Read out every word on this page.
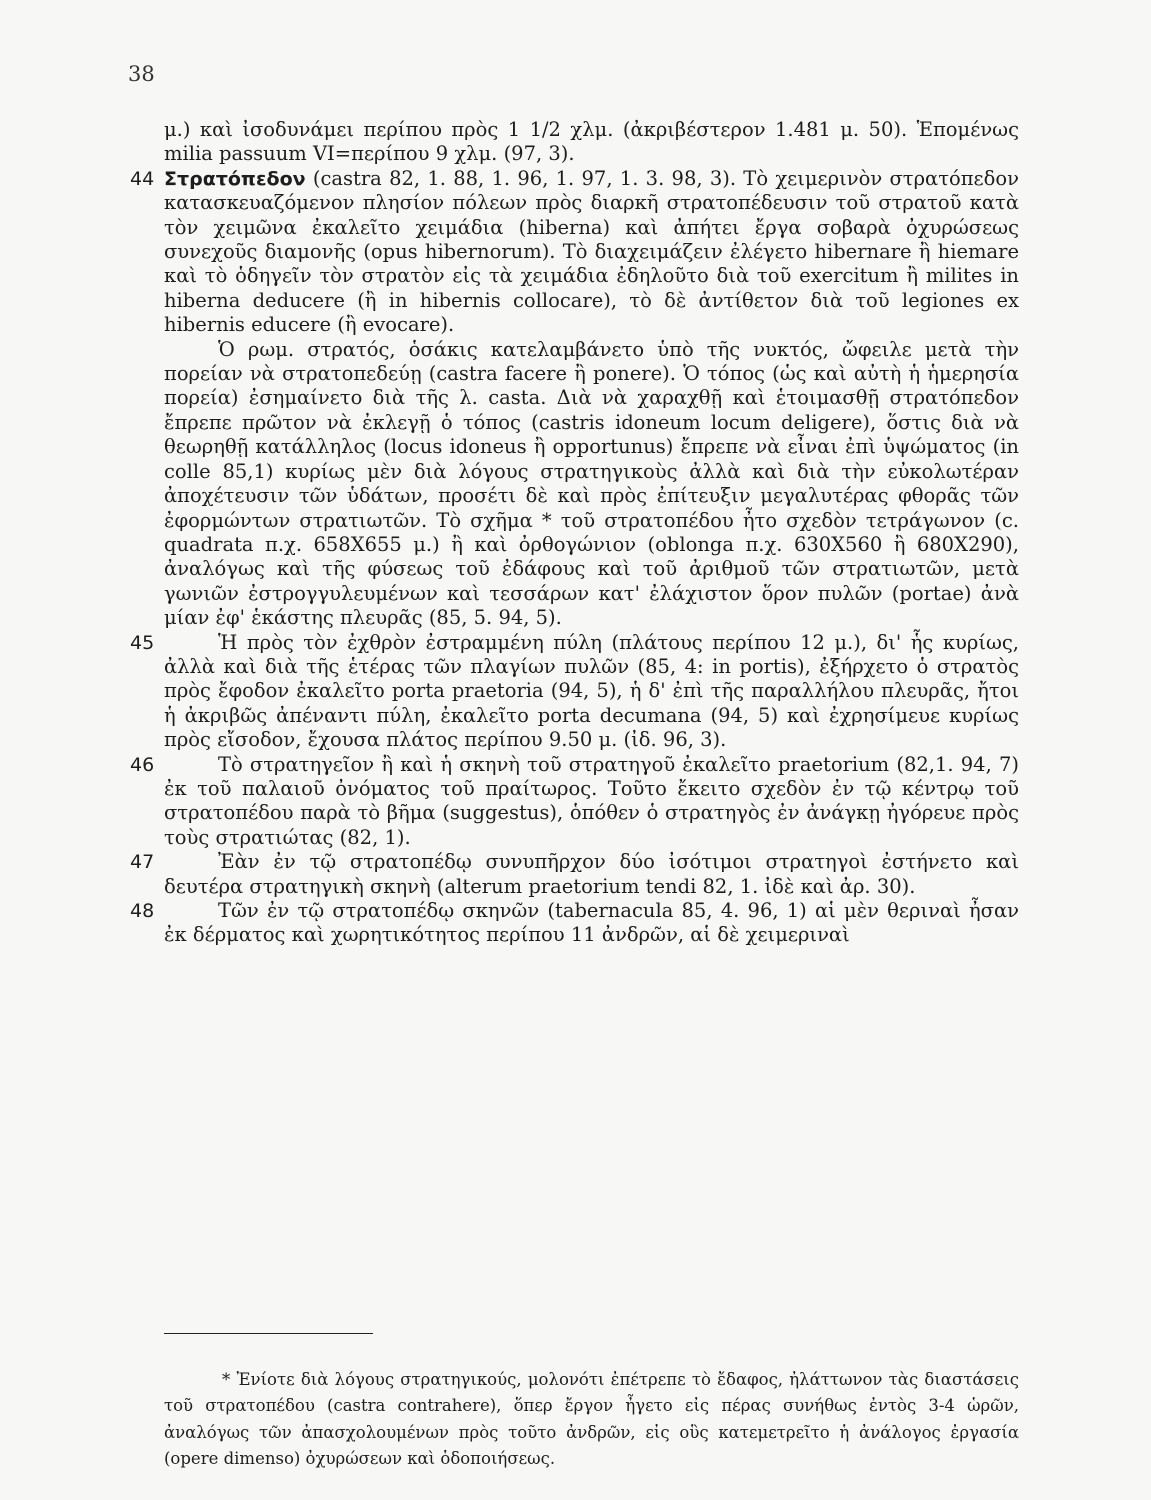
38

μ.) καὶ ἰσοδυνάμει περίπου πρὸς 1 1/2 χλμ. (ἀκριβέστερον 1.481 μ. 50). Ἑπομένως milia passuum VI=περίπου 9 χλμ. (97, 3).

44 Στρατόπεδον (castra 82, 1. 88, 1. 96, 1. 97, 1. 3. 98, 3). Τὸ χειμερινὸν στρατόπεδον κατασκευαζόμενον πλησίον πόλεων πρὸς διαρκῆ στρατοπέδευσιν τοῦ στρατοῦ κατὰ τὸν χειμῶνα ἐκαλεῖτο χειμάδια (hiberna) καὶ ἀπήτει ἔργα σοβαρὰ ὀχυρώσεως συνεχοῦς διαμονῆς (opus hibernorum). Τὸ διαχειμάζειν ἐλέγετο hibernare ἢ hiemare καὶ τὸ ὁδηγεῖν τὸν στρατὸν εἰς τὰ χειμάδια ἐδηλοῦτο διὰ τοῦ exercitum ἢ milites in hiberna deducere (ἢ in hibernis collocare), τὸ δὲ ἀντίθετον διὰ τοῦ legiones ex hibernis educere (ἢ evocare).

Ὁ ρωμ. στρατός, ὁσάκις κατελαμβάνετο ὑπὸ τῆς νυκτός, ὤφειλε μετὰ τὴν πορείαν νὰ στρατοπεδεύῃ (castra facere ἢ ponere). Ὁ τόπος (ὡς καὶ αὐτὴ ἡ ἡμερησία πορεία) ἐσημαίνετο διὰ τῆς λ. casta. Διὰ νὰ χαραχθῇ καὶ ἑτοιμασθῇ στρατόπεδον ἔπρεπε πρῶτον νὰ ἐκλεγῇ ὁ τόπος (castris idoneum locum deligere), ὅστις διὰ νὰ θεωρηθῇ κατάλληλος (locus idoneus ἢ opportunus) ἔπρεπε νὰ εἶναι ἐπὶ ὑψώματος (in colle 85,1) κυρίως μὲν διὰ λόγους στρατηγικοὺς ἀλλὰ καὶ διὰ τὴν εὐκολωτέραν ἀποχέτευσιν τῶν ὑδάτων, προσέτι δὲ καὶ πρὸς ἐπίτευξιν μεγαλυτέρας φθορᾶς τῶν ἐφορμώντων στρατιωτῶν. Τὸ σχῆμα * τοῦ στρατοπέδου ἦτο σχεδὸν τετράγωνον (c. quadrata π.χ. 658X655 μ.) ἢ καὶ ὀρθογώνιον (oblonga π.χ. 630X560 ἢ 680X290), ἀναλόγως καὶ τῆς φύσεως τοῦ ἐδάφους καὶ τοῦ ἀριθμοῦ τῶν στρατιωτῶν, μετὰ γωνιῶν ἐστρογγυλευμένων καὶ τεσσάρων κατ' ἐλάχιστον ὅρον πυλῶν (portae) ἀνὰ μίαν ἐφ' ἑκάστης πλευρᾶς (85, 5. 94, 5).

45	Ἡ πρὸς τὸν ἐχθρὸν ἐστραμμένη πύλη (πλάτους περίπου 12 μ.), δι' ἧς κυρίως, ἀλλὰ καὶ διὰ τῆς ἑτέρας τῶν πλαγίων πυλῶν (85, 4: in portis), ἐξήρχετο ὁ στρατὸς πρὸς ἔφοδον ἐκαλεῖτο porta praetoria (94, 5), ἡ δ' ἐπὶ τῆς παραλλήλου πλευρᾶς, ἤτοι ἡ ἀκριβῶς ἀπέναντι πύλη, ἐκαλεῖτο porta decumana (94, 5) καὶ ἐχρησίμευε κυρίως πρὸς εἴσοδον, ἔχουσα πλάτος περίπου 9.50 μ. (ἰδ. 96, 3).

46	Τὸ στρατηγεῖον ἢ καὶ ἡ σκηνὴ τοῦ στρατηγοῦ ἐκαλεῖτο praetorium (82,1. 94, 7) ἐκ τοῦ παλαιοῦ ὀνόματος τοῦ πραίτωρος. Τοῦτο ἔκειτο σχεδὸν ἐν τῷ κέντρῳ τοῦ στρατοπέδου παρὰ τὸ βῆμα (suggestus), ὁπόθεν ὁ στρατηγὸς ἐν ἀνάγκῃ ἠγόρευε πρὸς τοὺς στρατιώτας (82, 1).

47	Ἐὰν ἐν τῷ στρατοπέδῳ συνυπῆρχον δύο ἰσότιμοι στρατηγοὶ ἐστήνετο καὶ δευτέρα στρατηγικὴ σκηνὴ (alterum praetorium tendi 82, 1. ἰδὲ καὶ ἀρ. 30).

48	Τῶν ἐν τῷ στρατοπέδῳ σκηνῶν (tabernacula 85, 4. 96, 1) αἱ μὲν θεριναὶ ἦσαν ἐκ δέρματος καὶ χωρητικότητος περίπου 11 ἀνδρῶν, αἱ δὲ χειμεριναὶ

* Ἐνίοτε διὰ λόγους στρατηγικούς, μολονότι ἐπέτρεπε τὸ ἔδαφος, ἠλάττωνον τὰς διαστάσεις τοῦ στρατοπέδου (castra contrahere), ὅπερ ἔργον ἦγετο εἰς πέρας συνήθως ἐντὸς 3-4 ὡρῶν, ἀναλόγως τῶν ἀπασχολουμένων πρὸς τοῦτο ἀνδρῶν, εἰς οὓς κατεμετρεῖτο ἡ ἀνάλογος ἐργασία (opere dimenso) ὀχυρώσεων καὶ ὁδοποιήσεως.
